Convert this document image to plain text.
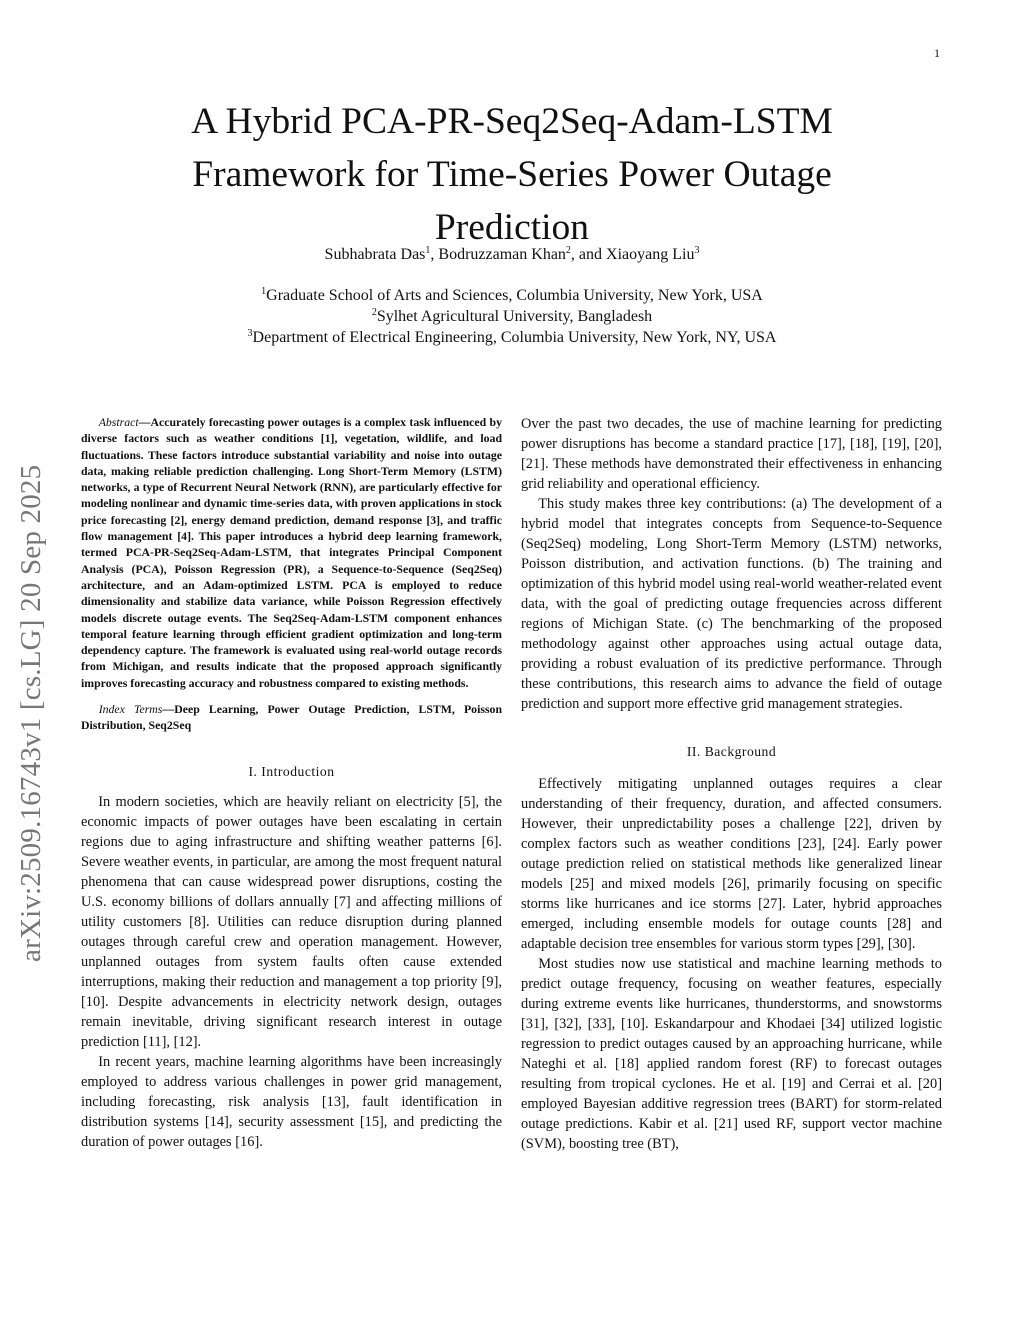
1
arXiv:2509.16743v1 [cs.LG] 20 Sep 2025
A Hybrid PCA-PR-Seq2Seq-Adam-LSTM
Framework for Time-Series Power Outage
Prediction
Subhabrata Das$^1$, Bodruzzaman Khan$^2$, and Xiaoyang Liu$^3$
$^1$Graduate School of Arts and Sciences, Columbia University, New York, USA
$^2$Sylhet Agricultural University, Bangladesh
$^3$Department of Electrical Engineering, Columbia University, New York, NY, USA

Abstract—Accurately forecasting power outages is a complex task influenced by diverse factors such as weather conditions [1], vegetation, wildlife, and load fluctuations. These factors introduce substantial variability and noise into outage data, making reliable prediction challenging. Long Short-Term Memory (LSTM) networks, a type of Recurrent Neural Network (RNN), are particularly effective for modeling nonlinear and dynamic time-series data, with proven applications in stock price forecasting [2], energy demand prediction, demand response [3], and traffic flow management [4]. This paper introduces a hybrid deep learning framework, termed PCA-PR-Seq2Seq-Adam-LSTM, that integrates Principal Component Analysis (PCA), Poisson Regression (PR), a Sequence-to-Sequence (Seq2Seq) architecture, and an Adam-optimized LSTM. PCA is employed to reduce dimensionality and stabilize data variance, while Poisson Regression effectively models discrete outage events. The Seq2Seq-Adam-LSTM component enhances temporal feature learning through efficient gradient optimization and long-term dependency capture. The framework is evaluated using real-world outage records from Michigan, and results indicate that the proposed approach significantly improves forecasting accuracy and robustness compared to existing methods.

Index Terms—Deep Learning, Power Outage Prediction, LSTM, Poisson Distribution, Seq2Seq

I. Introduction

In modern societies, which are heavily reliant on electricity [5], the economic impacts of power outages have been escalating in certain regions due to aging infrastructure and shifting weather patterns [6]. Severe weather events, in particular, are among the most frequent natural phenomena that can cause widespread power disruptions, costing the U.S. economy billions of dollars annually [7] and affecting millions of utility customers [8]. Utilities can reduce disruption during planned outages through careful crew and operation management. However, unplanned outages from system faults often cause extended interruptions, making their reduction and management a top priority [9], [10]. Despite advancements in electricity network design, outages remain inevitable, driving significant research interest in outage prediction [11], [12].

In recent years, machine learning algorithms have been increasingly employed to address various challenges in power grid management, including forecasting, risk analysis [13], fault identification in distribution systems [14], security assessment [15], and predicting the duration of power outages [16].

Over the past two decades, the use of machine learning for predicting power disruptions has become a standard practice [17], [18], [19], [20], [21]. These methods have demonstrated their effectiveness in enhancing grid reliability and operational efficiency.

This study makes three key contributions: (a) The development of a hybrid model that integrates concepts from Sequence-to-Sequence (Seq2Seq) modeling, Long Short-Term Memory (LSTM) networks, Poisson distribution, and activation functions. (b) The training and optimization of this hybrid model using real-world weather-related event data, with the goal of predicting outage frequencies across different regions of Michigan State. (c) The benchmarking of the proposed methodology against other approaches using actual outage data, providing a robust evaluation of its predictive performance. Through these contributions, this research aims to advance the field of outage prediction and support more effective grid management strategies.

II. Background

Effectively mitigating unplanned outages requires a clear understanding of their frequency, duration, and affected consumers. However, their unpredictability poses a challenge [22], driven by complex factors such as weather conditions [23], [24]. Early power outage prediction relied on statistical methods like generalized linear models [25] and mixed models [26], primarily focusing on specific storms like hurricanes and ice storms [27]. Later, hybrid approaches emerged, including ensemble models for outage counts [28] and adaptable decision tree ensembles for various storm types [29], [30].

Most studies now use statistical and machine learning methods to predict outage frequency, focusing on weather features, especially during extreme events like hurricanes, thunderstorms, and snowstorms [31], [32], [33], [10]. Eskandarpour and Khodaei [34] utilized logistic regression to predict outages caused by an approaching hurricane, while Nateghi et al. [18] applied random forest (RF) to forecast outages resulting from tropical cyclones. He et al. [19] and Cerrai et al. [20] employed Bayesian additive regression trees (BART) for storm-related outage predictions. Kabir et al. [21] used RF, support vector machine (SVM), boosting tree (BT),
